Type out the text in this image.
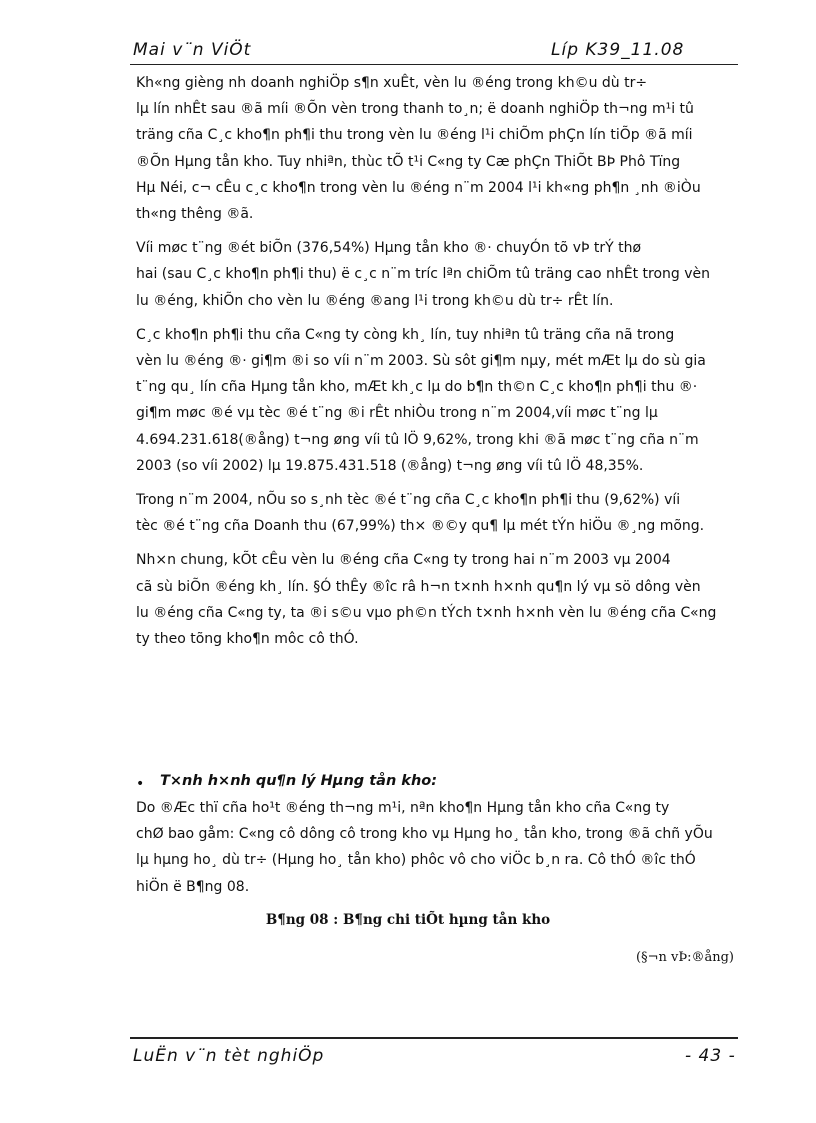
Mai v¨n ViÖt	Líp K39_11.08
Kh«ng gièng nh doanh nghiÖp s¶n xuÊt, vèn lu ®éng trong kh©u dù tr÷
lµ lín nhÊt sau ®ã míi ®Õn vèn trong thanh to¸n; ë doanh nghiÖp th¬ng m¹i tû
träng cña C¸c kho¶n ph¶i thu trong vèn lu ®éng l¹i chiÕm phÇn lín tiÕp ®ã míi
®Õn Hµng tån kho. Tuy nhiªn, thùc tÕ t¹i C«ng ty Cæ phÇn ThiÕt BÞ Phô Tïng
Hµ Néi, c¬ cÊu c¸c kho¶n trong vèn lu ®éng n¨m 2004 l¹i kh«ng ph¶n ¸nh ®iÒu
th«ng thêng ®ã.
Víi møc t¨ng ®ét biÕn (376,54%) Hµng tån kho ®· chuyÓn tõ vÞ trÝ thø
hai (sau C¸c kho¶n ph¶i thu) ë c¸c n¨m tríc lªn chiÕm tû träng cao nhÊt trong vèn
lu ®éng, khiÕn cho vèn lu ®éng ®ang l¹i trong kh©u dù tr÷ rÊt lín.
C¸c kho¶n ph¶i thu cña C«ng ty còng kh¸ lín, tuy nhiªn tû träng cña nã trong
vèn lu ®éng ®· gi¶m ®i so víi n¨m 2003. Sù sôt gi¶m nµy, mét mÆt lµ do sù gia
t¨ng qu¸ lín cña Hµng tån kho, mÆt kh¸c lµ do b¶n th©n C¸c kho¶n ph¶i thu ®·
gi¶m møc ®é vµ tèc ®é t¨ng ®i rÊt nhiÒu trong n¨m 2004,víi møc t¨ng lµ
4.694.231.618(®ång) t¬ng øng víi tû lÖ 9,62%, trong khi ®ã møc t¨ng cña n¨m
2003 (so víi 2002) lµ 19.875.431.518 (®ång) t¬ng øng víi tû lÖ 48,35%.
Trong n¨m 2004, nÕu so s¸nh tèc ®é t¨ng cña C¸c kho¶n ph¶i thu (9,62%) víi
tèc ®é t¨ng cña Doanh thu (67,99%) th× ®©y qu¶ lµ mét tÝn hiÖu ®¸ng mõng.
Nh×n chung, kÕt cÊu vèn lu ®éng cña C«ng ty trong hai n¨m 2003 vµ 2004
cã sù biÕn ®éng kh¸ lín. §Ó thÊy ®îc râ h¬n t×nh h×nh qu¶n lý vµ sö dông vèn
lu ®éng cña C«ng ty, ta ®i s©u vµo ph©n tÝch t×nh h×nh vèn lu ®éng cña C«ng
ty theo tõng kho¶n môc cô thÓ.
• T×nh h×nh qu¶n lý Hµng tån kho:
Do ®Æc thï cña ho¹t ®éng th¬ng m¹i, nªn kho¶n Hµng tån kho cña C«ng ty
chØ bao gåm: C«ng cô dông cô trong kho vµ Hµng ho¸ tån kho, trong ®ã chñ yÕu
lµ hµng ho¸ dù tr÷ (Hµng ho¸ tån kho) phôc vô cho viÖc b¸n ra. Cô thÓ ®îc thÓ
hiÖn ë B¶ng 08.
B¶ng 08 : B¶ng chi tiÕt hµng tån kho
(§¬n vÞ:®ång)
LuËn v¨n tèt nghiÖp	- 43 -
